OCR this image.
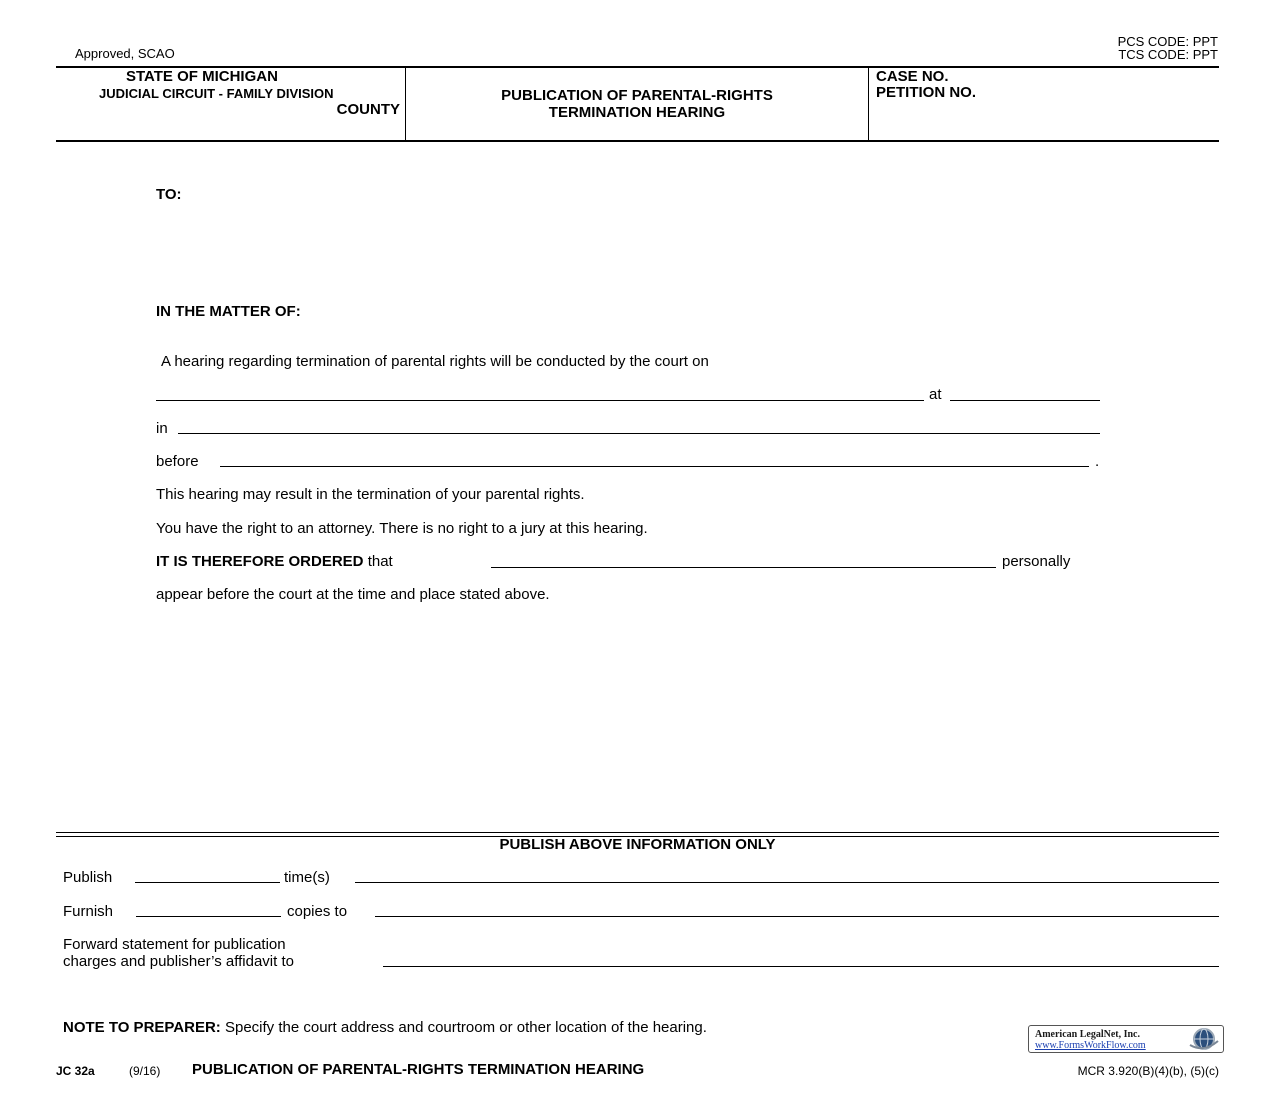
Approved, SCAO
PCS CODE: PPT
TCS CODE: PPT
STATE OF MICHIGAN
JUDICIAL CIRCUIT - FAMILY DIVISION
COUNTY
PUBLICATION OF PARENTAL-RIGHTS
TERMINATION HEARING
CASE NO.
PETITION NO.
TO:
IN THE MATTER OF:
A hearing regarding termination of parental rights will be conducted by the court on
at
in
before	.
This hearing may result in the termination of your parental rights.
You have the right to an attorney. There is no right to a jury at this hearing.
IT IS THEREFORE ORDERED that	personally
appear before the court at the time and place stated above.
PUBLISH ABOVE INFORMATION ONLY
Publish	time(s)
Furnish	copies to
Forward statement for publication
charges and publisher’s affidavit to
NOTE TO PREPARER: Specify the court address and courtroom or other location of the hearing.	American LegalNet, Inc.
www.FormsWorkFlow.com
JC 32a	(9/16) PUBLICATION OF PARENTAL-RIGHTS TERMINATION HEARING	MCR 3.920(B)(4)(b), (5)(c)
